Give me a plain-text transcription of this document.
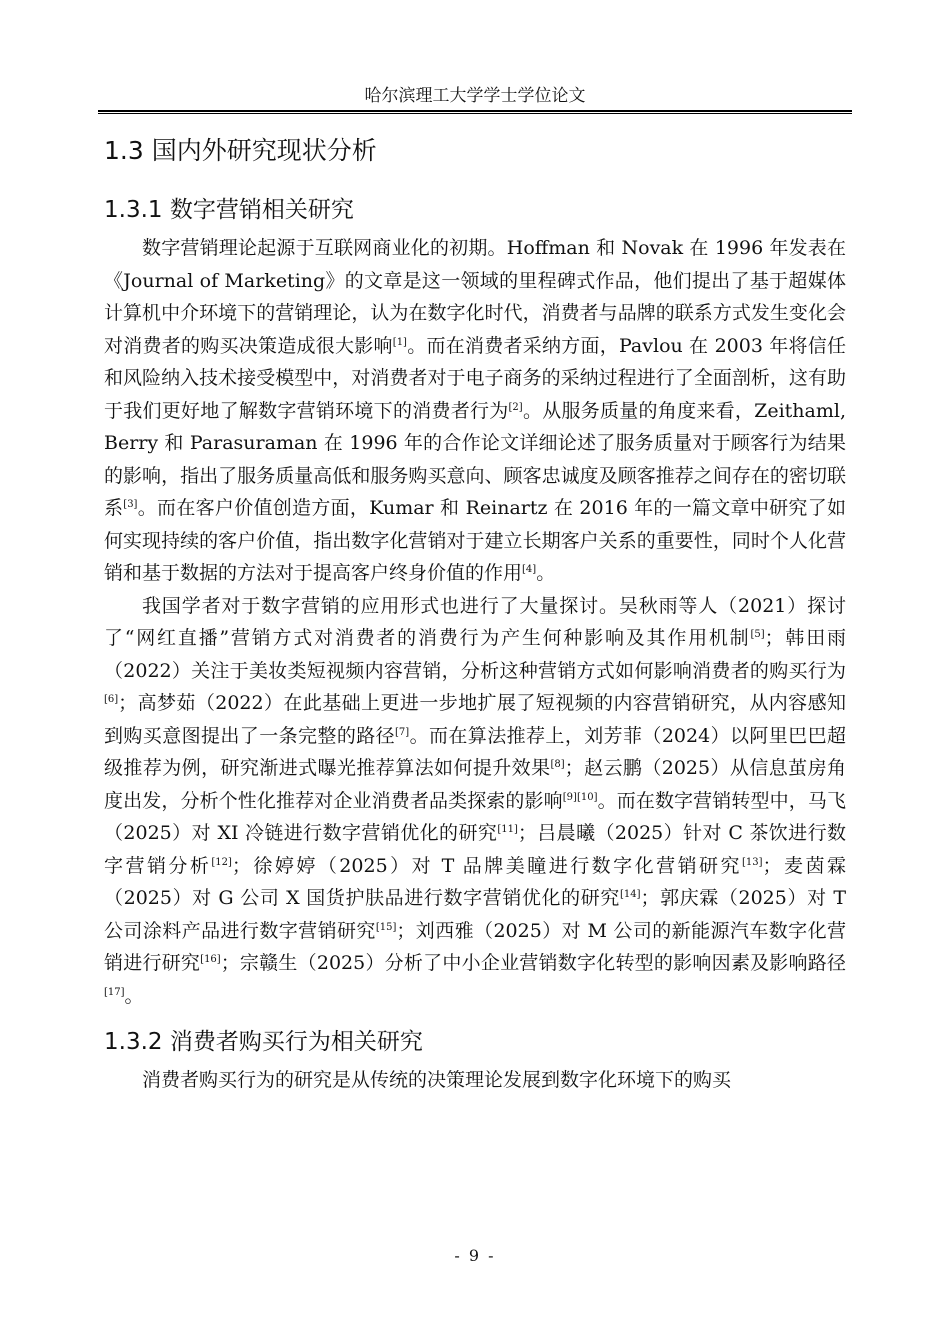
哈尔滨理工大学学士学位论文
1.3 国内外研究现状分析
1.3.1 数字营销相关研究

数字营销理论起源于互联网商业化的初期。Hoffman 和 Novak 在 1996 年发表在《Journal of Marketing》的文章是这一领域的里程碑式作品，他们提出了基于超媒体计算机中介环境下的营销理论，认为在数字化时代，消费者与品牌的联系方式发生变化会对消费者的购买决策造成很大影响[1]。而在消费者采纳方面，Pavlou 在 2003 年将信任和风险纳入技术接受模型中，对消费者对于电子商务的采纳过程进行了全面剖析，这有助于我们更好地了解数字营销环境下的消费者行为[2]。从服务质量的角度来看，Zeithaml, Berry 和 Parasuraman 在 1996 年的合作论文详细论述了服务质量对于顾客行为结果的影响，指出了服务质量高低和服务购买意向、顾客忠诚度及顾客推荐之间存在的密切联系[3]。而在客户价值创造方面，Kumar 和 Reinartz 在 2016 年的一篇文章中研究了如何实现持续的客户价值，指出数字化营销对于建立长期客户关系的重要性，同时个人化营销和基于数据的方法对于提高客户终身价值的作用[4]。

我国学者对于数字营销的应用形式也进行了大量探讨。吴秋雨等人（2021）探讨了“网红直播”营销方式对消费者的消费行为产生何种影响及其作用机制[5]；韩田雨（2022）关注于美妆类短视频内容营销，分析这种营销方式如何影响消费者的购买行为[6]；高梦茹（2022）在此基础上更进一步地扩展了短视频的内容营销研究，从内容感知到购买意图提出了一条完整的路径[7]。而在算法推荐上，刘芳菲（2024）以阿里巴巴超级推荐为例，研究渐进式曝光推荐算法如何提升效果[8]；赵云鹏（2025）从信息茧房角度出发，分析个性化推荐对企业消费者品类探索的影响[9][10]。而在数字营销转型中，马飞（2025）对 XI 冷链进行数字营销优化的研究[11]；吕晨曦（2025）针对 C 茶饮进行数字营销分析[12]；徐婷婷（2025）对 T 品牌美瞳进行数字化营销研究[13]；麦茵霖（2025）对 G 公司 X 国货护肤品进行数字营销优化的研究[14]；郭庆霖（2025）对 T 公司涂料产品进行数字营销研究[15]；刘西雅（2025）对 M 公司的新能源汽车数字化营销进行研究[16]；宗赣生（2025）分析了中小企业营销数字化转型的影响因素及影响路径[17]。

1.3.2 消费者购买行为相关研究

消费者购买行为的研究是从传统的决策理论发展到数字化环境下的购买

- 9 -
